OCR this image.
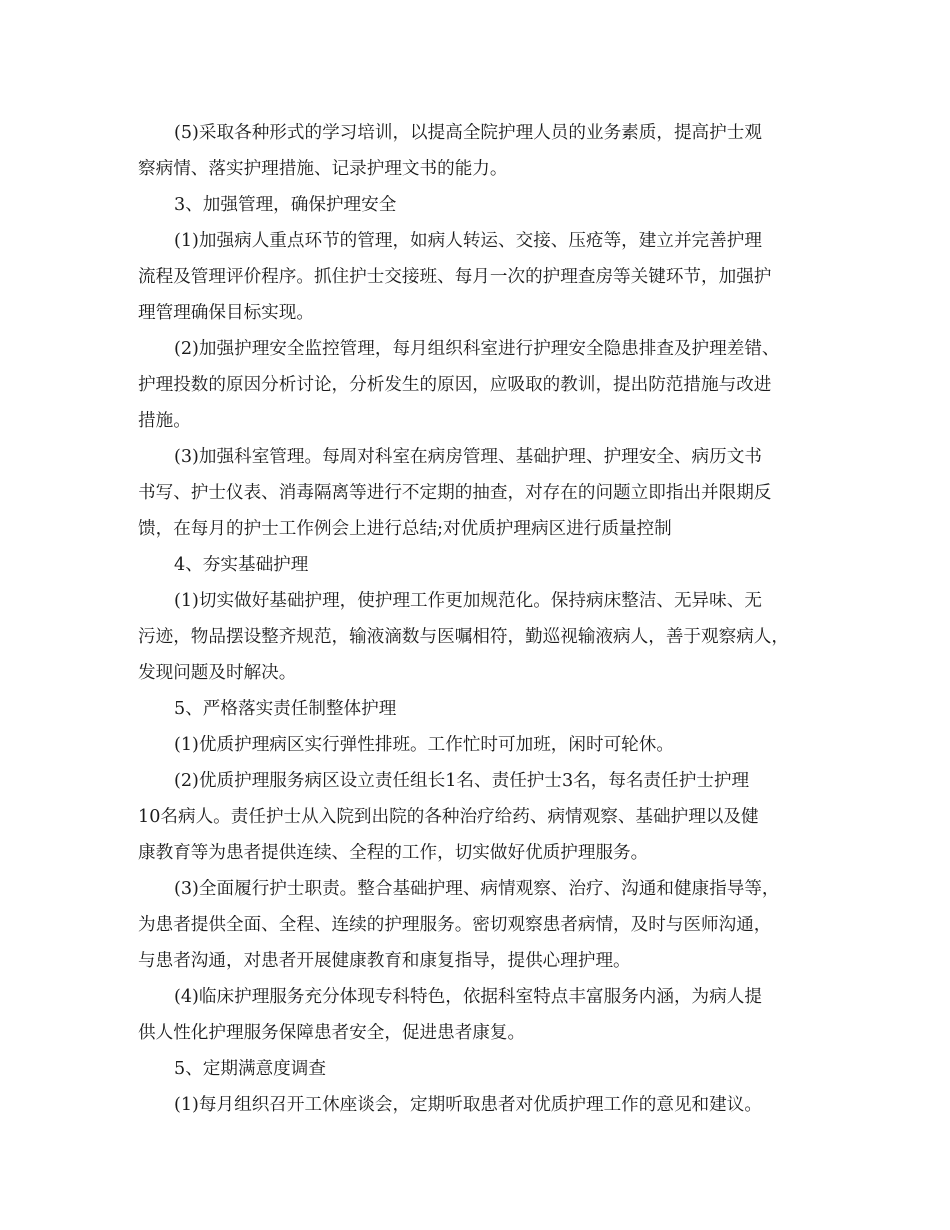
(5)采取各种形式的学习培训，以提高全院护理人员的业务素质，提高护士观
察病情、落实护理措施、记录护理文书的能力。
3、加强管理，确保护理安全
(1)加强病人重点环节的管理，如病人转运、交接、压疮等，建立并完善护理
流程及管理评价程序。抓住护士交接班、每月一次的护理查房等关键环节，加强护
理管理确保目标实现。
(2)加强护理安全监控管理，每月组织科室进行护理安全隐患排查及护理差错、
护理投数的原因分析讨论，分析发生的原因，应吸取的教训，提出防范措施与改进
措施。
(3)加强科室管理。每周对科室在病房管理、基础护理、护理安全、病历文书
书写、护士仪表、消毒隔离等进行不定期的抽查，对存在的问题立即指出并限期反
馈，在每月的护士工作例会上进行总结;对优质护理病区进行质量控制
4、夯实基础护理
(1)切实做好基础护理，使护理工作更加规范化。保持病床整洁、无异味、无
污迹，物品摆设整齐规范，输液滴数与医嘱相符，勤巡视输液病人，善于观察病人，
发现问题及时解决。
5、严格落实责任制整体护理
(1)优质护理病区实行弹性排班。工作忙时可加班，闲时可轮休。
(2)优质护理服务病区设立责任组长1名、责任护士3名，每名责任护士护理
10名病人。责任护士从入院到出院的各种治疗给药、病情观察、基础护理以及健
康教育等为患者提供连续、全程的工作，切实做好优质护理服务。
(3)全面履行护士职责。整合基础护理、病情观察、治疗、沟通和健康指导等，
为患者提供全面、全程、连续的护理服务。密切观察患者病情，及时与医师沟通，
与患者沟通，对患者开展健康教育和康复指导，提供心理护理。
(4)临床护理服务充分体现专科特色，依据科室特点丰富服务内涵，为病人提
供人性化护理服务保障患者安全，促进患者康复。
5、定期满意度调查
(1)每月组织召开工休座谈会，定期听取患者对优质护理工作的意见和建议。
